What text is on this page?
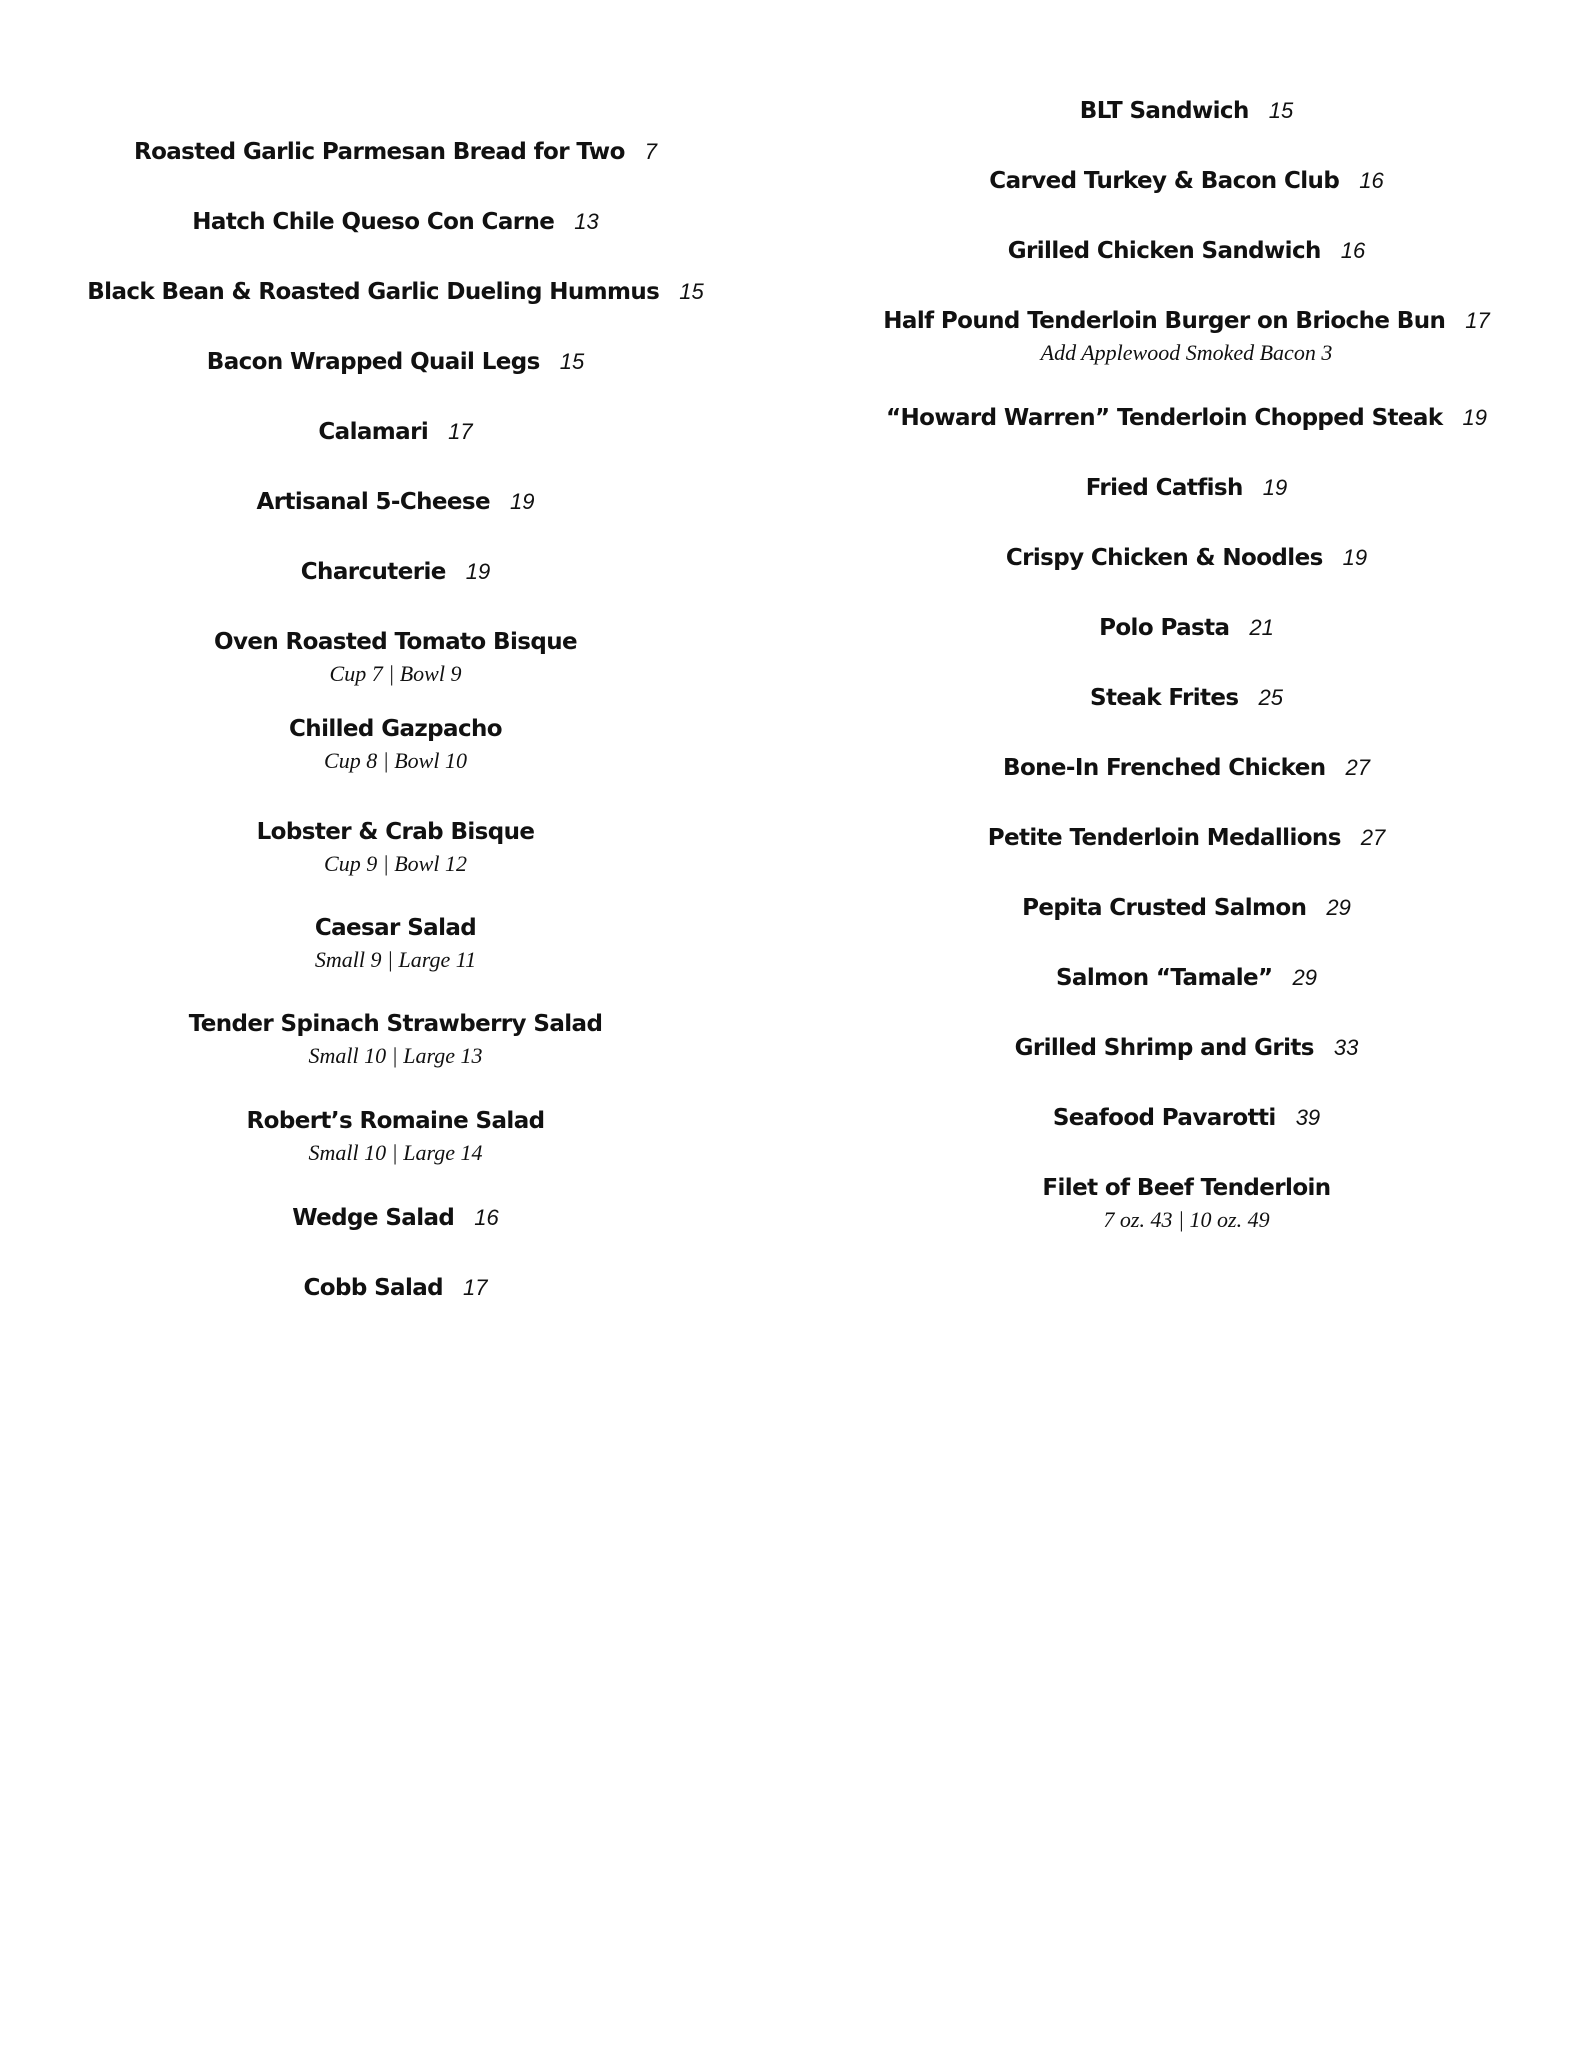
Roasted Garlic Parmesan Bread for Two 7
Hatch Chile Queso Con Carne 13
Black Bean & Roasted Garlic Dueling Hummus 15
Bacon Wrapped Quail Legs 15
Calamari 17
Artisanal 5-Cheese 19
Charcuterie 19
Oven Roasted Tomato Bisque
Cup 7 | Bowl 9
Chilled Gazpacho
Cup 8 | Bowl 10
Lobster & Crab Bisque
Cup 9 | Bowl 12
Caesar Salad
Small 9 | Large 11
Tender Spinach Strawberry Salad
Small 10 | Large 13
Robert’s Romaine Salad
Small 10 | Large 14
Wedge Salad 16
Cobb Salad 17
BLT Sandwich 15
Carved Turkey & Bacon Club 16
Grilled Chicken Sandwich 16
Half Pound Tenderloin Burger on Brioche Bun 17
Add Applewood Smoked Bacon 3
“Howard Warren” Tenderloin Chopped Steak 19
Fried Catfish 19
Crispy Chicken & Noodles 19
Polo Pasta 21
Steak Frites 25
Bone-In Frenched Chicken 27
Petite Tenderloin Medallions 27
Pepita Crusted Salmon 29
Salmon “Tamale” 29
Grilled Shrimp and Grits 33
Seafood Pavarotti 39
Filet of Beef Tenderloin
7 oz. 43 | 10 oz. 49
